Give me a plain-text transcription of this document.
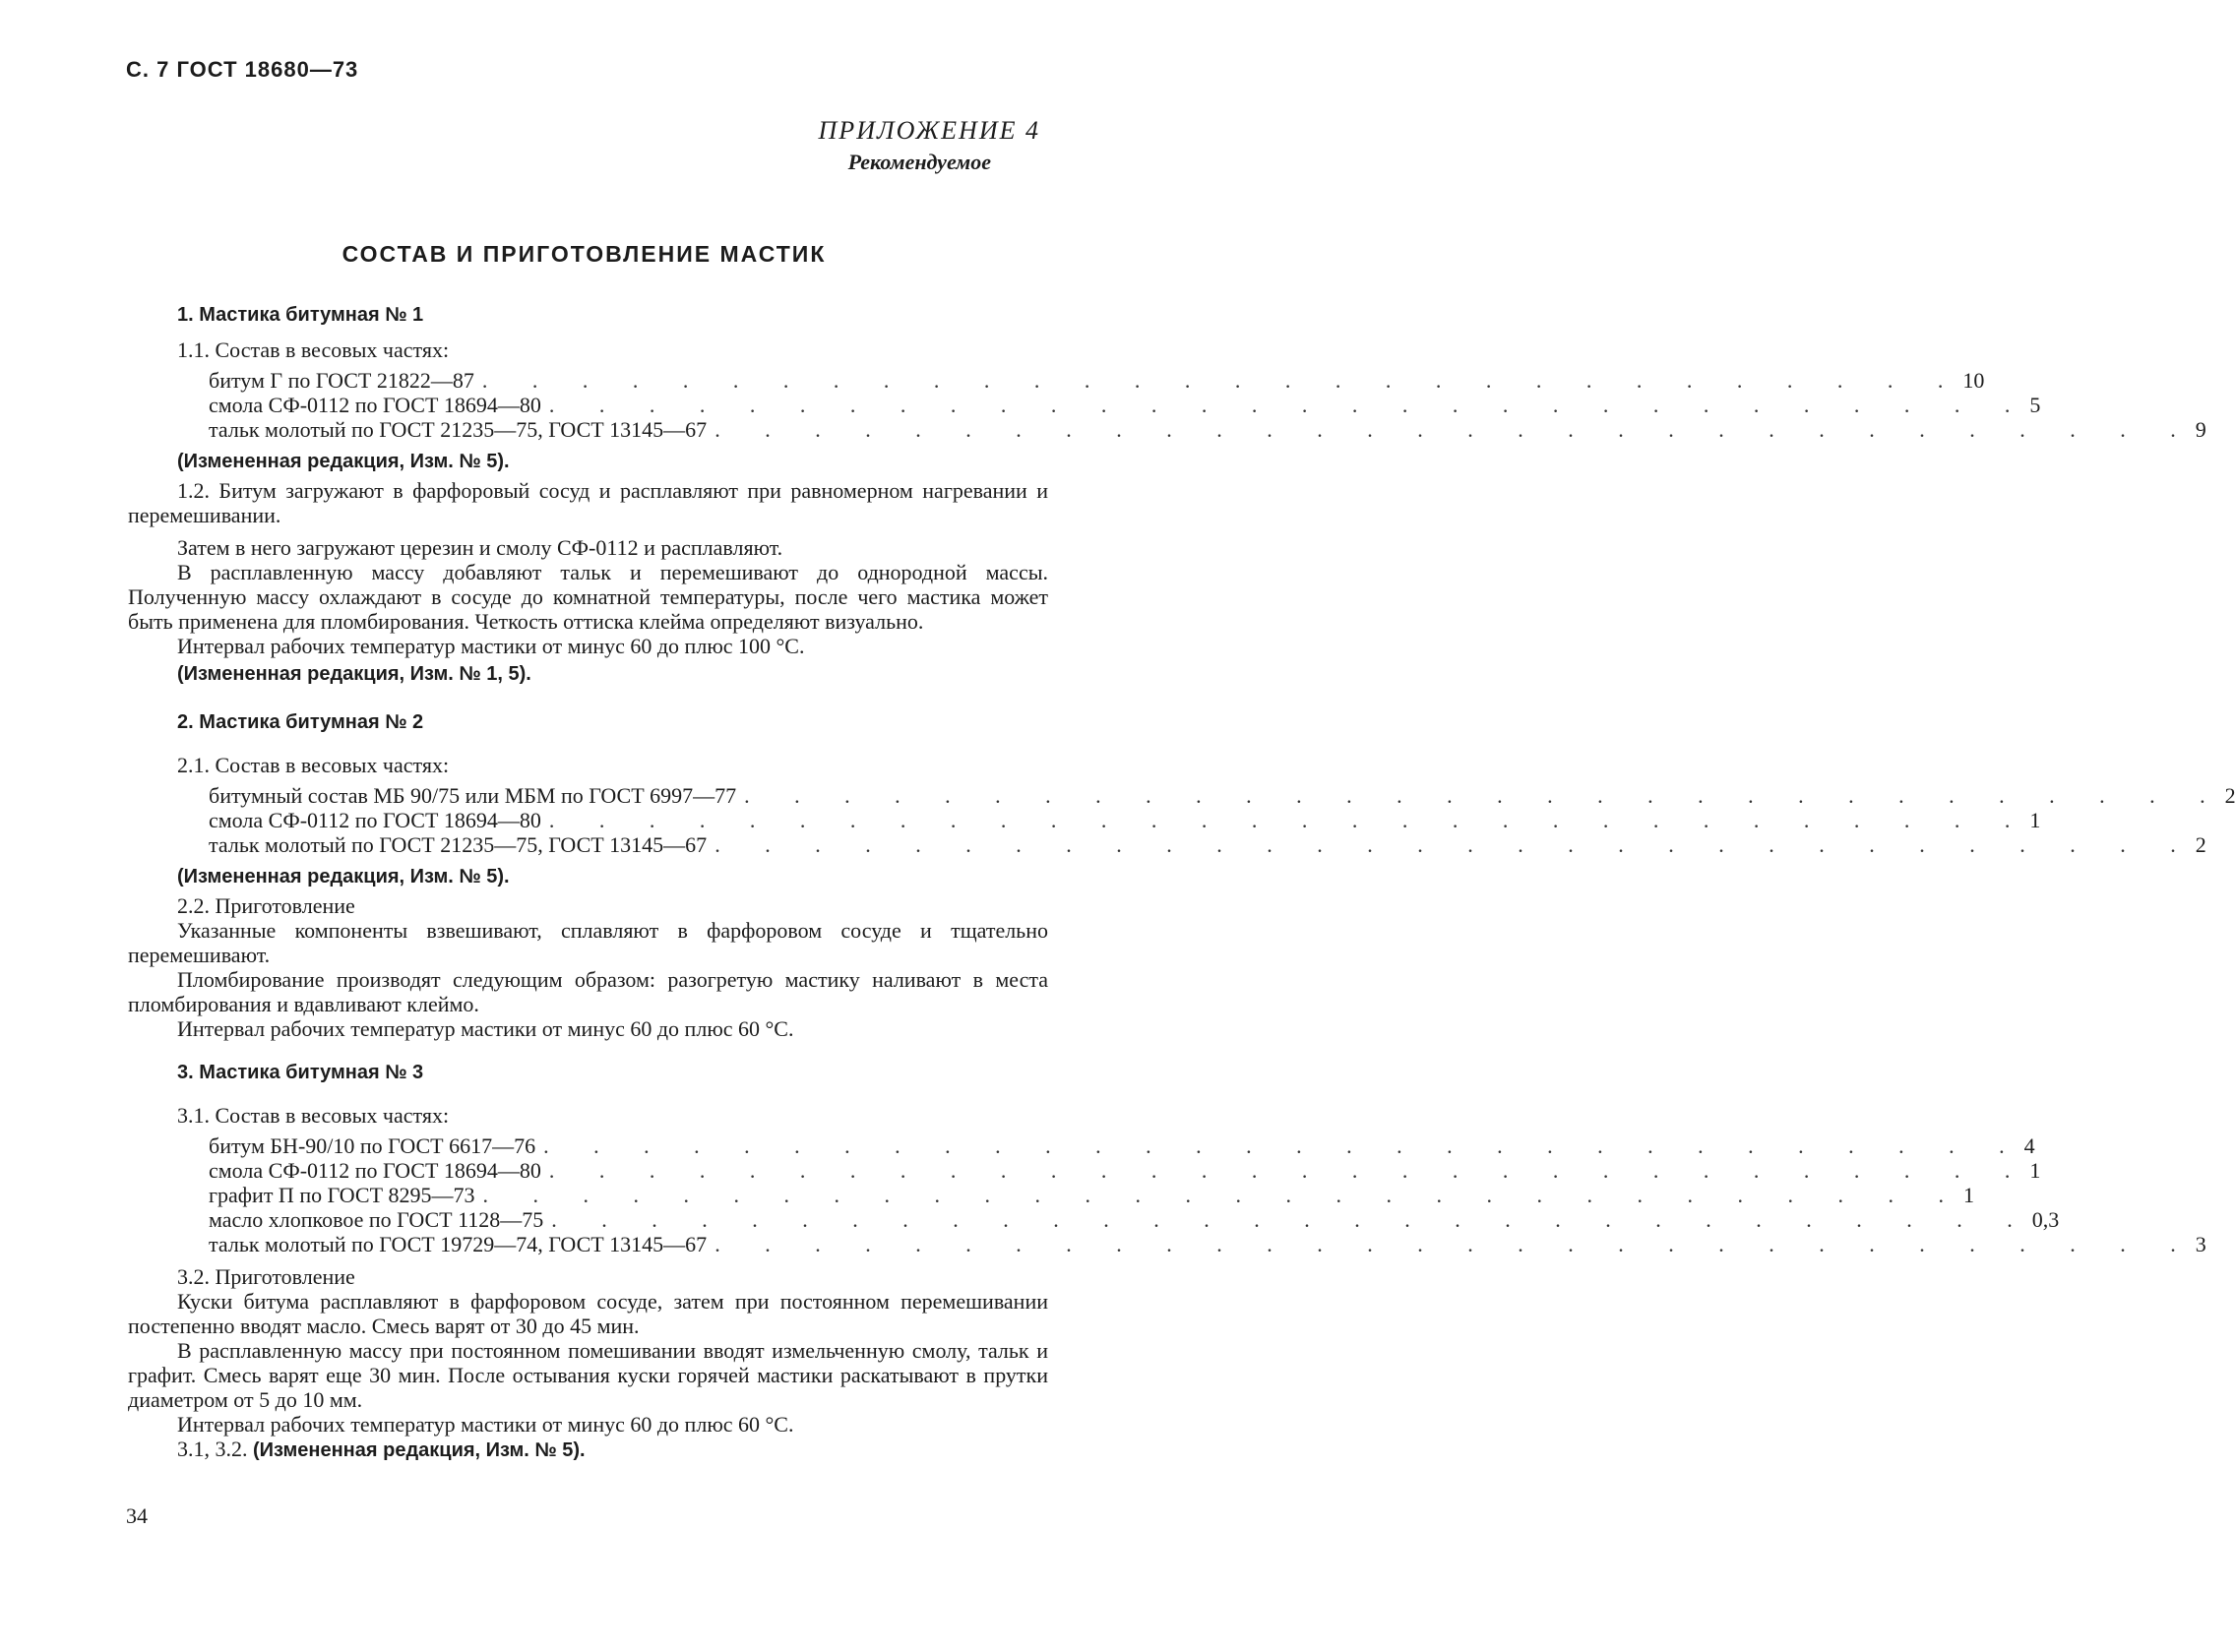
С. 7 ГОСТ 18680—73
ПРИЛОЖЕНИЕ 4
Рекомендуемое
СОСТАВ И ПРИГОТОВЛЕНИЕ МАСТИК
1. Мастика битумная № 1

1.1. Состав в весовых частях:

битум Г по ГОСТ 21822—87 . . . . . . . . . . . . . . . . . . . . . . . . . . . . . . 10
смола СФ-0112 по ГОСТ 18694—80 . . . . . . . . . . . . . . . . . . . . . . . . . . . . . . 5
тальк молотый по ГОСТ 21235—75, ГОСТ 13145—67 . . . . . . . . . . . . . . . . . . . . . . . . . . . . . . 9
(Измененная редакция, Изм. № 5).

1.2. Битум загружают в фарфоровый сосуд и расплавляют при равномерном нагревании и перемешивании.

Затем в него загружают церезин и смолу СФ-0112 и расплавляют.

В расплавленную массу добавляют тальк и перемешивают до однородной массы. Полученную массу охлаждают в сосуде до комнатной температуры, после чего мастика может быть применена для пломбирования. Четкость оттиска клейма определяют визуально.

Интервал рабочих температур мастики от минус 60 до плюс 100 °С.

(Измененная редакция, Изм. № 1, 5).
2. Мастика битумная № 2

2.1. Состав в весовых частях:

битумный состав МБ 90/75 или МБМ по ГОСТ 6997—77 . . . . . . . . . . . . . . . . . . . . . . . . . . . . . . 2
смола СФ-0112 по ГОСТ 18694—80 . . . . . . . . . . . . . . . . . . . . . . . . . . . . . . 1
тальк молотый по ГОСТ 21235—75, ГОСТ 13145—67 . . . . . . . . . . . . . . . . . . . . . . . . . . . . . . 2
(Измененная редакция, Изм. № 5).

2.2. Приготовление

Указанные компоненты взвешивают, сплавляют в фарфоровом сосуде и тщательно перемешивают.

Пломбирование производят следующим образом: разогретую мастику наливают в места пломбирования и вдавливают клеймо.

Интервал рабочих температур мастики от минус 60 до плюс 60 °С.

3. Мастика битумная № 3

3.1. Состав в весовых частях:

битум БН-90/10 по ГОСТ 6617—76 . . . . . . . . . . . . . . . . . . . . . . . . . . . . . . 4
смола СФ-0112 по ГОСТ 18694—80 . . . . . . . . . . . . . . . . . . . . . . . . . . . . . . 1
графит П по ГОСТ 8295—73 . . . . . . . . . . . . . . . . . . . . . . . . . . . . . . 1
масло хлопковое по ГОСТ 1128—75 . . . . . . . . . . . . . . . . . . . . . . . . . . . . . . 0,3
тальк молотый по ГОСТ 19729—74, ГОСТ 13145—67 . . . . . . . . . . . . . . . . . . . . . . . . . . . . . . 3

3.2. Приготовление

Куски битума расплавляют в фарфоровом сосуде, затем при постоянном перемешивании постепенно вводят масло. Смесь варят от 30 до 45 мин.

В расплавленную массу при постоянном помешивании вводят измельченную смолу, тальк и графит. Смесь варят еще 30 мин. После остывания куски горячей мастики раскатывают в прутки диаметром от 5 до 10 мм.

Интервал рабочих температур мастики от минус 60 до плюс 60 °С.

3.1, 3.2. (Измененная редакция, Изм. № 5).

34
